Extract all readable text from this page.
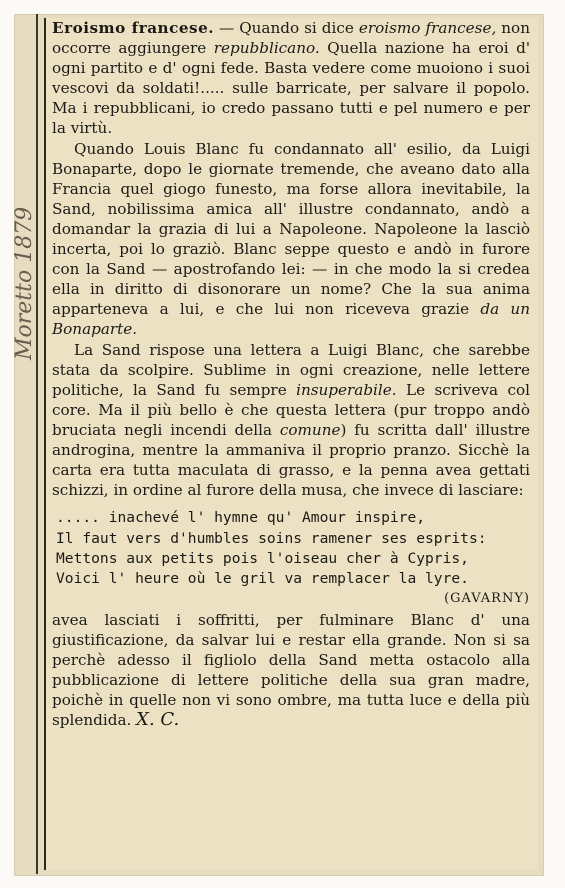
Moretto 1879

Eroismo francese. — Quando si dice eroismo francese, non occorre aggiungere repubblicano. Quella nazione ha eroi d' ogni partito e d' ogni fede. Basta vedere come muoiono i suoi vescovi da soldati!..... sulle barricate, per salvare il popolo. Ma i repubblicani, io credo passano tutti e pel numero e per la virtù.

Quando Louis Blanc fu condannato all' esilio, da Luigi Bonaparte, dopo le giornate tremende, che aveano dato alla Francia quel giogo funesto, ma forse allora inevitabile, la Sand, nobilissima amica all' illustre condannato, andò a domandar la grazia di lui a Napoleone. Napoleone la lasciò incerta, poi lo graziò. Blanc seppe questo e andò in furore con la Sand — apostrofando lei: — in che modo la si credea ella in diritto di disonorare un nome? Che la sua anima apparteneva a lui, e che lui non riceveva grazie da un Bonaparte.

La Sand rispose una lettera a Luigi Blanc, che sarebbe stata da scolpire. Sublime in ogni creazione, nelle lettere politiche, la Sand fu sempre insuperabile. Le scriveva col core. Ma il più bello è che questa lettera (pur troppo andò bruciata negli incendi della comune) fu scritta dall' illustre androgina, mentre la ammaniva il proprio pranzo. Sicchè la carta era tutta maculata di grasso, e la penna avea gettati schizzi, in ordine al furore della musa, che invece di lasciare:

..... inachevé l' hymne qu' Amour inspire,
Il faut vers d'humbles soins ramener ses esprits:
Mettons aux petits pois l'oiseau cher à Cypris,
Voici l' heure où le gril va remplacer la lyre.

(GAVARNY)

avea lasciati i soffritti, per fulminare Blanc d' una giustificazione, da salvar lui e restar ella grande. Non si sa perchè adesso il figliolo della Sand metta ostacolo alla pubblicazione di lettere politiche della sua gran madre, poichè in quelle non vi sono ombre, ma tutta luce e della più splendida. X. C.
